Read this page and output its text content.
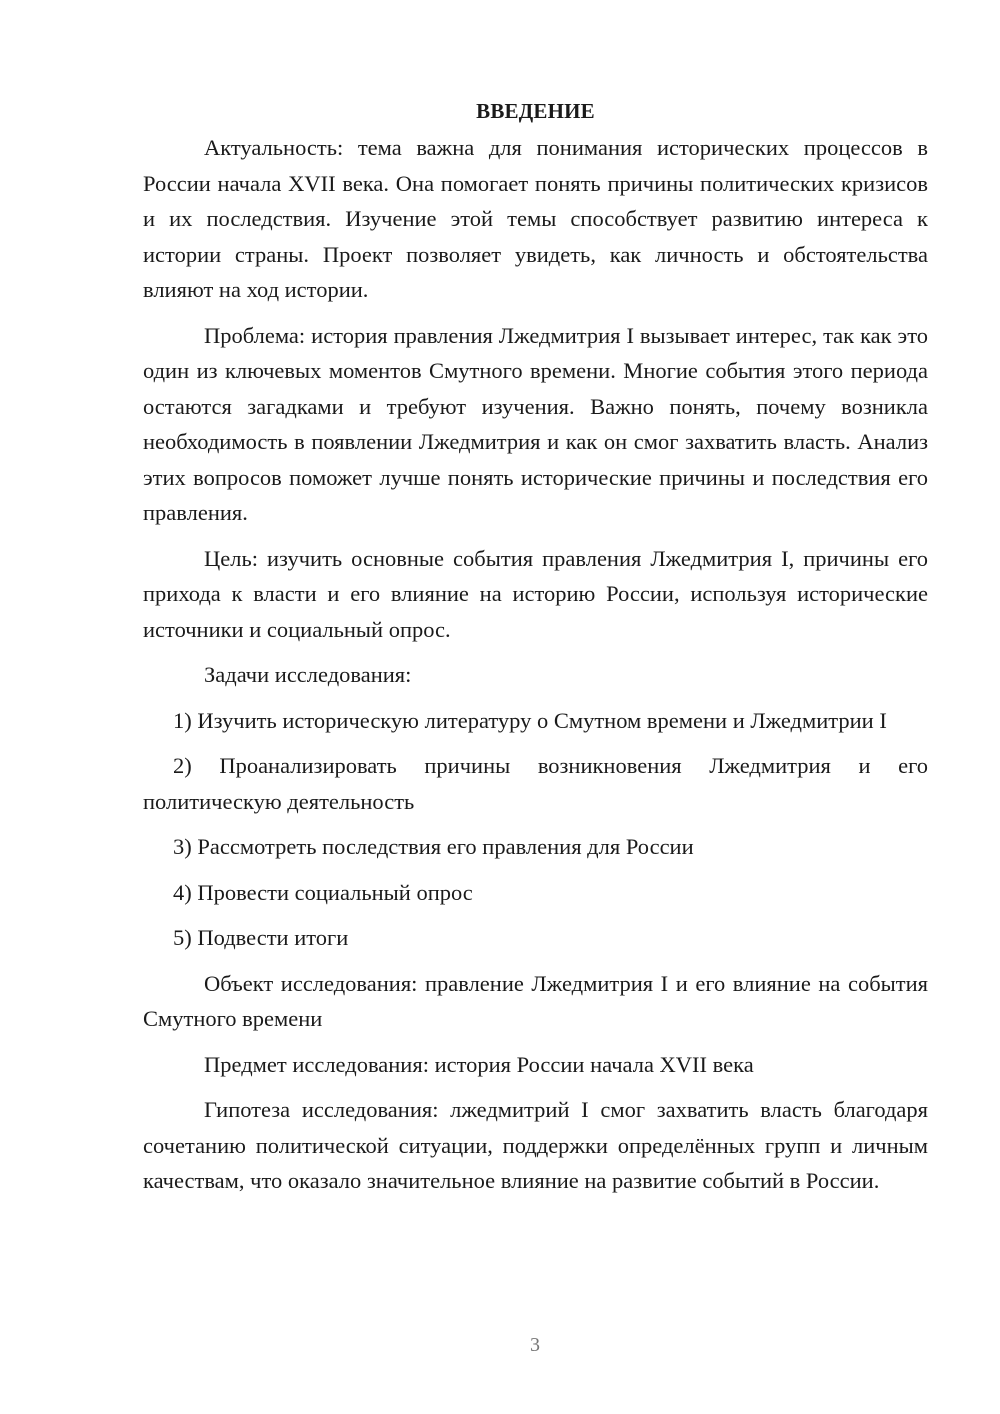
ВВЕДЕНИЕ

Актуальность: тема важна для понимания исторических процессов в России начала XVII века. Она помогает понять причины политических кризисов и их последствия. Изучение этой темы способствует развитию интереса к истории страны. Проект позволяет увидеть, как личность и обстоятельства влияют на ход истории.

Проблема: история правления Лжедмитрия I вызывает интерес, так как это один из ключевых моментов Смутного времени. Многие события этого периода остаются загадками и требуют изучения. Важно понять, почему возникла необходимость в появлении Лжедмитрия и как он смог захватить власть. Анализ этих вопросов поможет лучше понять исторические причины и последствия его правления.

Цель: изучить основные события правления Лжедмитрия I, причины его прихода к власти и его влияние на историю России, используя исторические источники и социальный опрос.

Задачи исследования:

1) Изучить историческую литературу о Смутном времени и Лжедмитрии I

2) Проанализировать причины возникновения Лжедмитрия и его политическую деятельность

3) Рассмотреть последствия его правления для России

4) Провести социальный опрос

5) Подвести итоги

Объект исследования: правление Лжедмитрия I и его влияние на события Смутного времени

Предмет исследования: история России начала XVII века

Гипотеза исследования: лжедмитрий I смог захватить власть благодаря сочетанию политической ситуации, поддержки определённых групп и личным качествам, что оказало значительное влияние на развитие событий в России.

3
